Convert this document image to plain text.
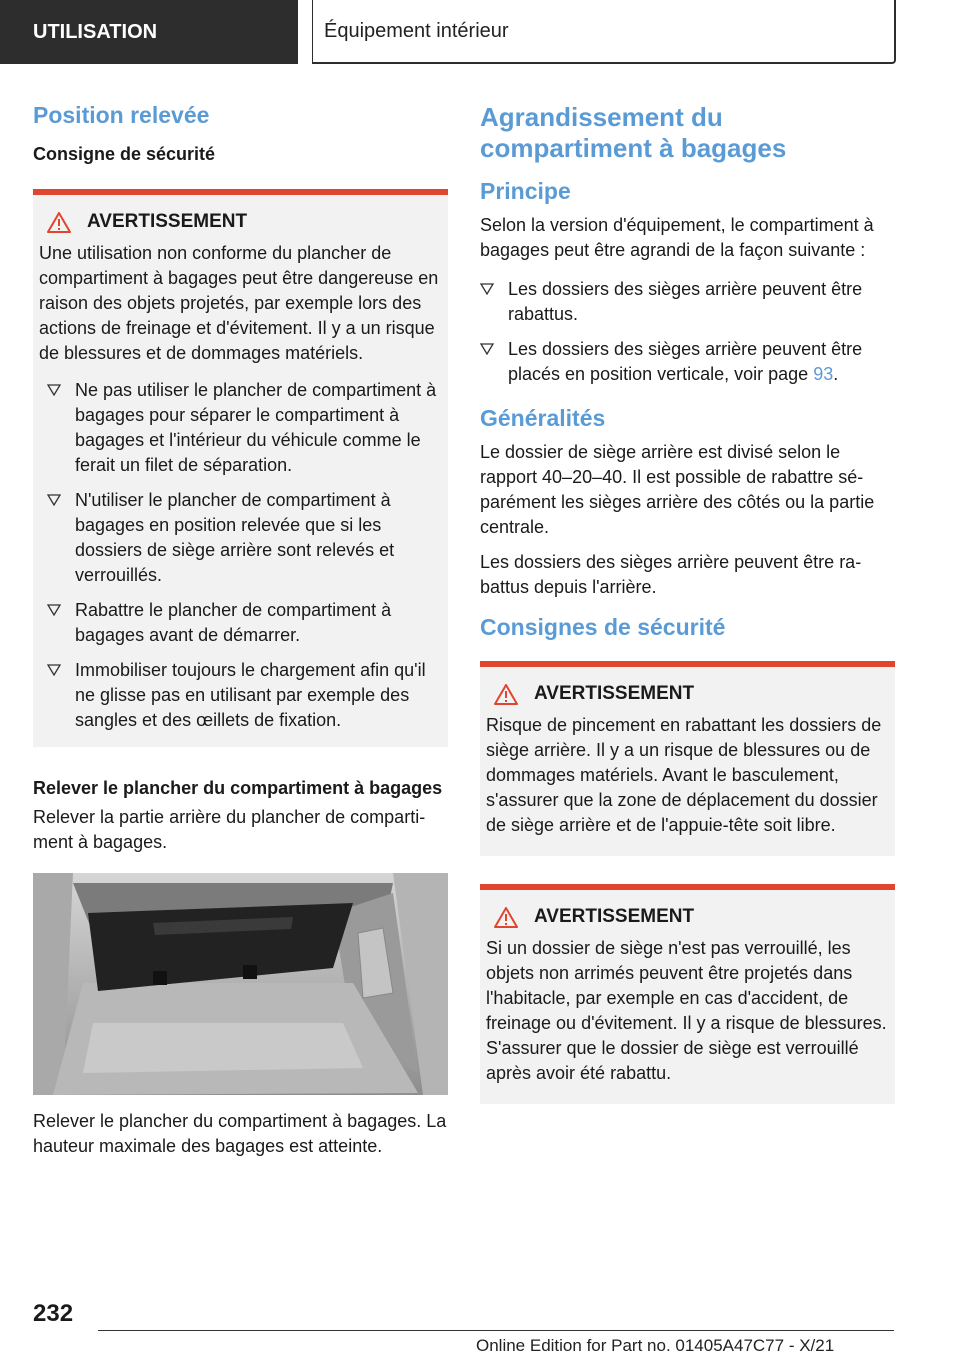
UTILISATION	Équipement intérieur
Position relevée

Consigne de sécurité

AVERTISSEMENT

Une utilisation non conforme du plancher de compartiment à bagages peut être dangereuse en raison des objets projetés, par exemple lors des actions de freinage et d'évitement. Il y a un risque de blessures et de dommages matériels.

Ne pas utiliser le plancher de compartiment à bagages pour séparer le compartiment à bagages et l'intérieur du véhicule comme le ferait un filet de séparation.
N'utiliser le plancher de compartiment à bagages en position relevée que si les dossiers de siège arrière sont relevés et verrouillés.
Rabattre le plancher de compartiment à bagages avant de démarrer.
Immobiliser toujours le chargement afin qu'il ne glisse pas en utilisant par exemple des sangles et des œillets de fixation.

Relever le plancher du compartiment à bagages

Relever la partie arrière du plancher de compartiment à bagages.

Relever le plancher du compartiment à bagages. La hauteur maximale des bagages est atteinte.

Agrandissement du compartiment à bagages
Principe

Selon la version d'équipement, le compartiment à bagages peut être agrandi de la façon suivante :

Les dossiers des sièges arrière peuvent être rabattus.
Les dossiers des sièges arrière peuvent être placés en position verticale, voir page 93.
Généralités

Le dossier de siège arrière est divisé selon le rapport 40–20–40. Il est possible de rabattre séparément les sièges arrière des côtés ou la partie centrale.

Les dossiers des sièges arrière peuvent être rabattus depuis l'arrière.

Consignes de sécurité
AVERTISSEMENT

Risque de pincement en rabattant les dossiers de siège arrière. Il y a un risque de blessures ou de dommages matériels. Avant le basculement, s'assurer que la zone de déplacement du dossier de siège arrière et de l'appuie-tête soit libre.

AVERTISSEMENT

Si un dossier de siège n'est pas verrouillé, les objets non arrimés peuvent être projetés dans l'habitacle, par exemple en cas d'accident, de freinage ou d'évitement. Il y a risque de blessures. S'assurer que le dossier de siège est verrouillé après avoir été rabattu.

232
Online Edition for Part no. 01405A47C77 - X/21
